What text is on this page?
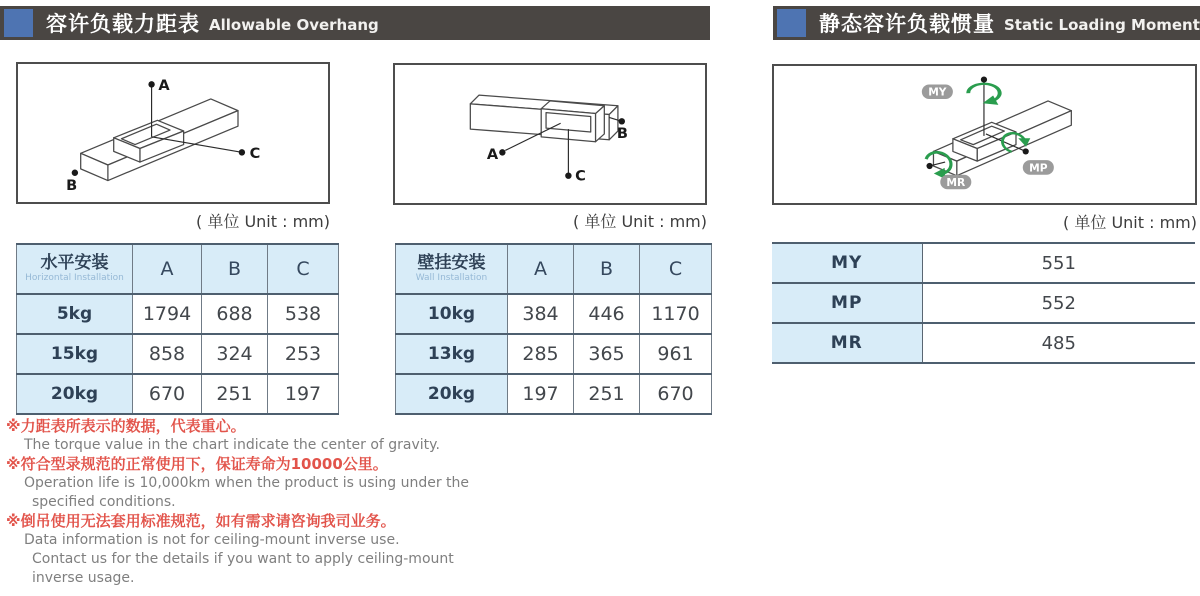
容许负载力距表 Allowable Overhang	静态容许负载惯量 Static Loading Moment
A
C
B
A
C
B
MY
MP
MR
( 单位 Unit : mm)	( 单位 Unit : mm)	( 单位 Unit : mm)
水平安装
Horizontal Installation	A	B	C
5kg	1794	688	538
15kg	858	324	253
20kg	670	251	197
壁挂安装
Wall Installation	A	B	C
10kg	384	446	1170
13kg	285	365	961
20kg	197	251	670
MY	551
MP	552
MR	485
※力距表所表示的数据，代表重心。
The torque value in the chart indicate the center of gravity.
※符合型录规范的正常使用下，保证寿命为10000公里。
Operation life is 10,000km when the product is using under the
specified conditions.
※倒吊使用无法套用标准规范，如有需求请咨询我司业务。
Data information is not for ceiling-mount inverse use.
Contact us for the details if you want to apply ceiling-mount
inverse usage.
